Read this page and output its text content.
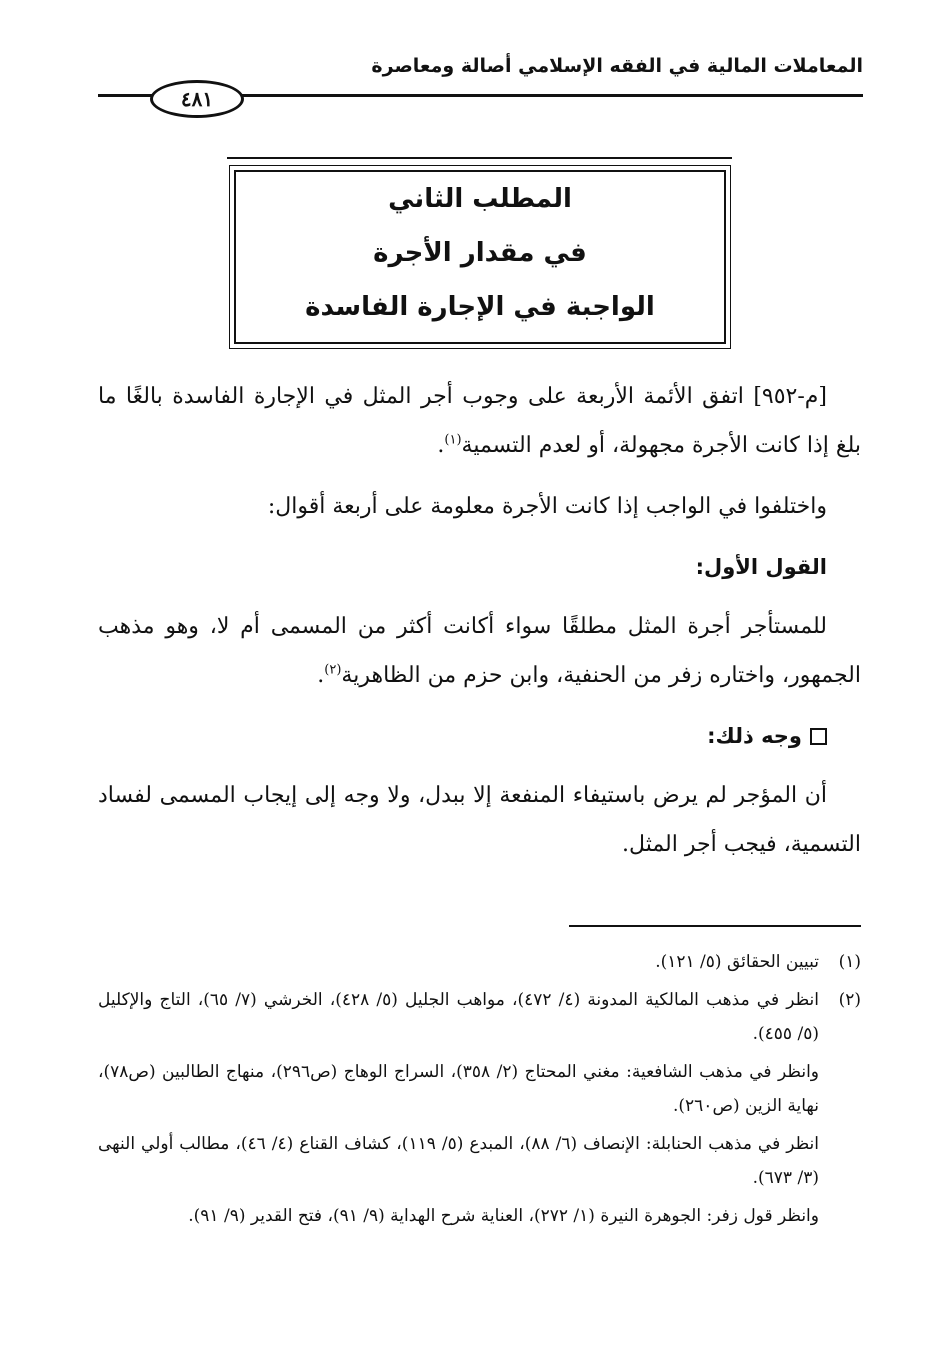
المعاملات المالية في الفقه الإسلامي أصالة ومعاصرة
٤٨١
المطلب الثاني
في مقدار الأجرة
الواجبة في الإجارة الفاسدة

[م-٩٥٢] اتفق الأئمة الأربعة على وجوب أجر المثل في الإجارة الفاسدة بالغًا ما بلغ إذا كانت الأجرة مجهولة، أو لعدم التسمية$^{(١)}$.

واختلفوا في الواجب إذا كانت الأجرة معلومة على أربعة أقوال:

القول الأول:

للمستأجر أجرة المثل مطلقًا سواء أكانت أكثر من المسمى أم لا، وهو مذهب الجمهور، واختاره زفر من الحنفية، وابن حزم من الظاهرية$^{(٢)}$.

وجه ذلك:

أن المؤجر لم يرض باستيفاء المنفعة إلا ببدل، ولا وجه إلى إيجاب المسمى لفساد التسمية، فيجب أجر المثل.

(١)
تبيين الحقائق (٥/ ١٢١).
(٢)
انظر في مذهب المالكية المدونة (٤/ ٤٧٢)، مواهب الجليل (٥/ ٤٢٨)، الخرشي (٧/ ٦٥)، التاج والإكليل (٥/ ٤٥٥).
وانظر في مذهب الشافعية: مغني المحتاج (٢/ ٣٥٨)، السراج الوهاج (ص٢٩٦)، منهاج الطالبين (ص٧٨)، نهاية الزين (ص٢٦٠).
انظر في مذهب الحنابلة: الإنصاف (٦/ ٨٨)، المبدع (٥/ ١١٩)، كشاف القناع (٤/ ٤٦)، مطالب أولي النهى (٣/ ٦٧٣).
وانظر قول زفر: الجوهرة النيرة (١/ ٢٧٢)، العناية شرح الهداية (٩/ ٩١)، فتح القدير (٩/ ٩١).
